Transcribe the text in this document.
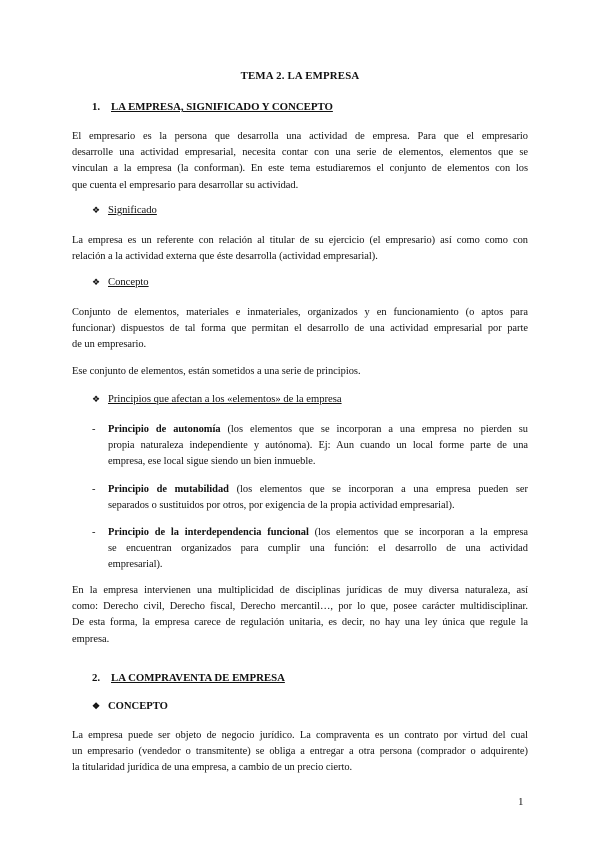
TEMA 2. LA EMPRESA
1. LA EMPRESA, SIGNIFICADO Y CONCEPTO
El empresario es la persona que desarrolla una actividad de empresa. Para que el empresario
desarrolle una actividad empresarial, necesita contar con una serie de elementos, elementos que se
vinculan a la empresa (la conforman). En este tema estudiaremos el conjunto de elementos con los
que cuenta el empresario para desarrollar su actividad.
❖ Significado
La empresa es un referente con relación al titular de su ejercicio (el empresario) así como como con
relación a la actividad externa que éste desarrolla (actividad empresarial).
❖ Concepto
Conjunto de elementos, materiales e inmateriales, organizados y en funcionamiento (o aptos para
funcionar) dispuestos de tal forma que permitan el desarrollo de una actividad empresarial por parte
de un empresario.
Ese conjunto de elementos, están sometidos a una serie de principios.
❖ Principios que afectan a los «elementos» de la empresa
- Principio de autonomía (los elementos que se incorporan a una empresa no pierden su
propia naturaleza independiente y autónoma). Ej: Aun cuando un local forme parte de una
empresa, ese local sigue siendo un bien inmueble.
- Principio de mutabilidad (los elementos que se incorporan a una empresa pueden ser
separados o sustituidos por otros, por exigencia de la propia actividad empresarial).
- Principio de la interdependencia funcional (los elementos que se incorporan a la empresa
se encuentran organizados para cumplir una función: el desarrollo de una actividad
empresarial).
En la empresa intervienen una multiplicidad de disciplinas jurídicas de muy diversa naturaleza, así
como: Derecho civil, Derecho fiscal, Derecho mercantil…, por lo que, posee carácter multidisciplinar.
De esta forma, la empresa carece de regulación unitaria, es decir, no hay una ley única que regule la
empresa.
2. LA COMPRAVENTA DE EMPRESA
❖ CONCEPTO
La empresa puede ser objeto de negocio jurídico. La compraventa es un contrato por virtud del cual
un empresario (vendedor o transmitente) se obliga a entregar a otra persona (comprador o adquirente)
la titularidad jurídica de una empresa, a cambio de un precio cierto.
1
